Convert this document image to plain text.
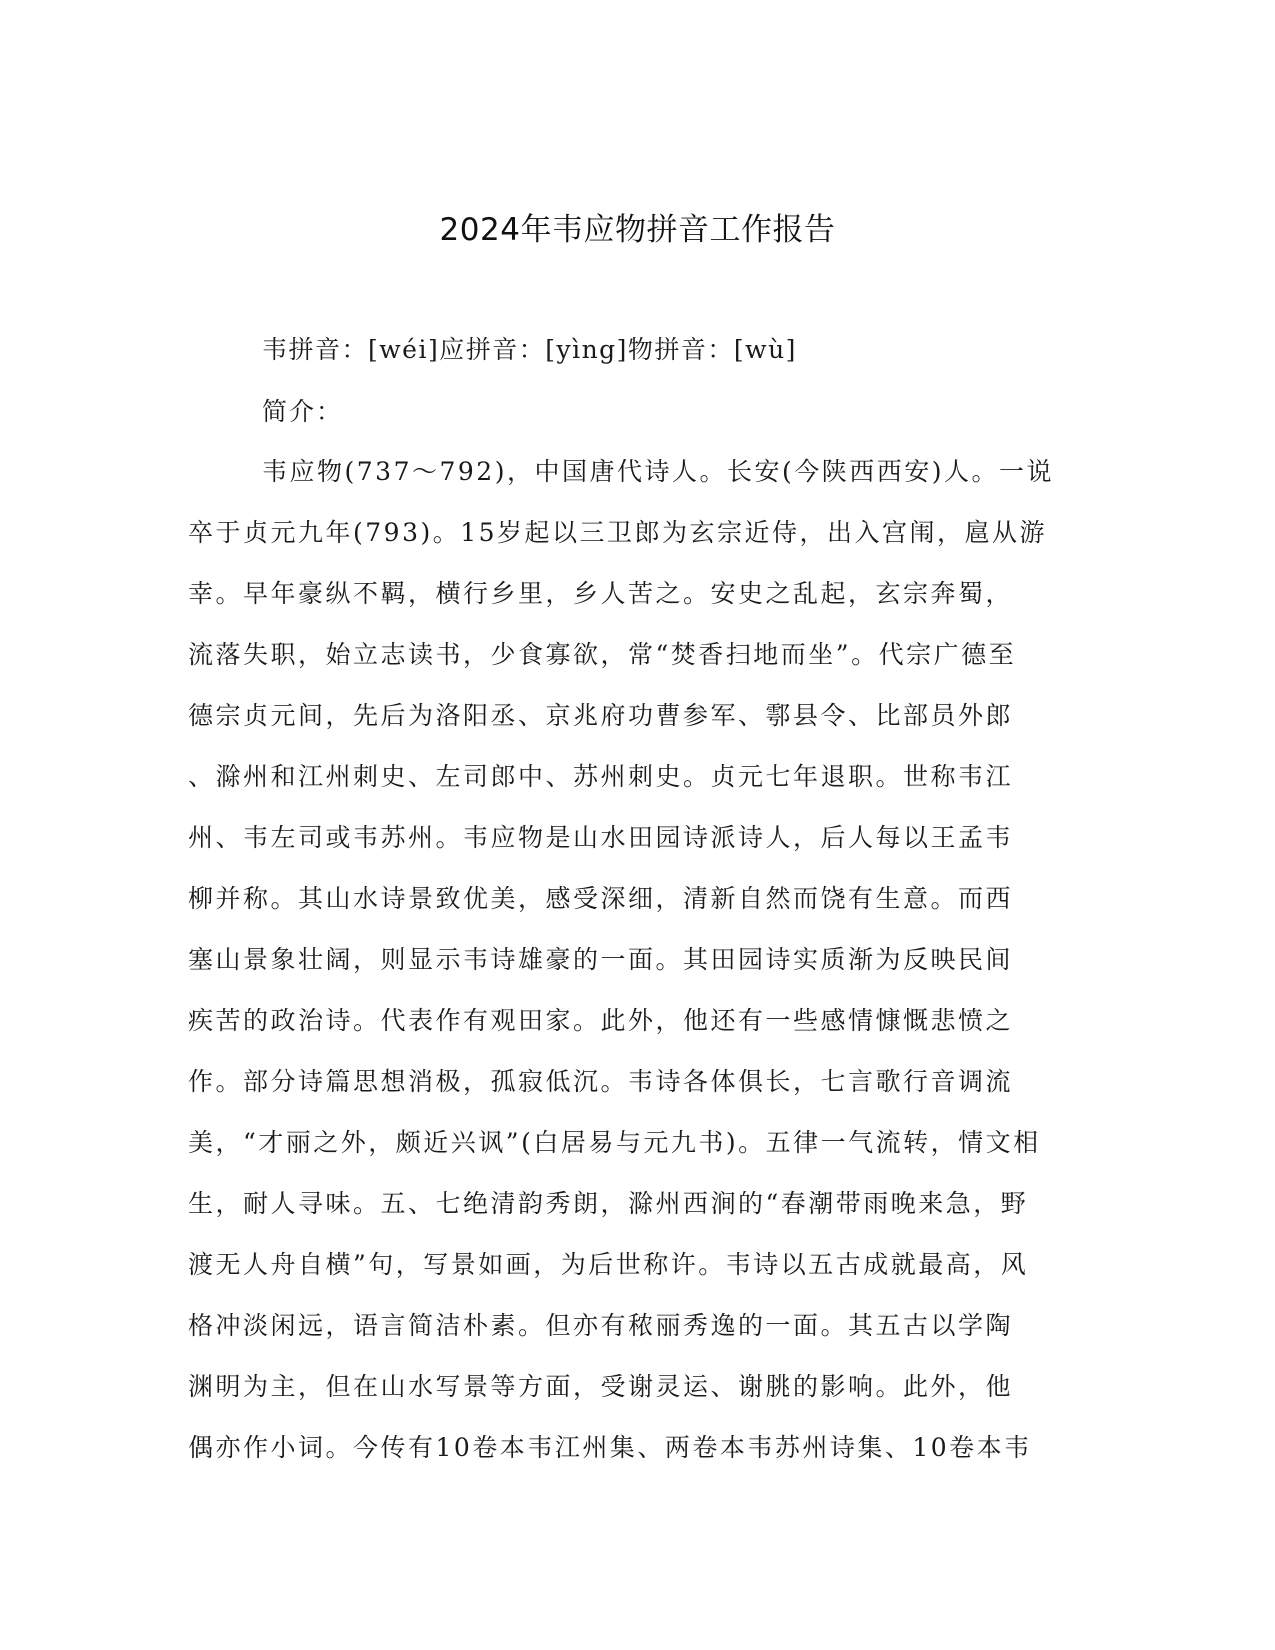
2024年韦应物拼音工作报告
韦拼音：[wéi]应拼音：[yìng]物拼音：[wù]
简介：
韦应物(737～792)，中国唐代诗人。长安(今陕西西安)人。一说
卒于贞元九年(793)。15岁起以三卫郎为玄宗近侍，出入宫闱，扈从游
幸。早年豪纵不羁，横行乡里，乡人苦之。安史之乱起，玄宗奔蜀，
流落失职，始立志读书，少食寡欲，常“焚香扫地而坐”。代宗广德至
德宗贞元间，先后为洛阳丞、京兆府功曹参军、鄠县令、比部员外郎
、滁州和江州刺史、左司郎中、苏州刺史。贞元七年退职。世称韦江
州、韦左司或韦苏州。韦应物是山水田园诗派诗人，后人每以王孟韦
柳并称。其山水诗景致优美，感受深细，清新自然而饶有生意。而西
塞山景象壮阔，则显示韦诗雄豪的一面。其田园诗实质渐为反映民间
疾苦的政治诗。代表作有观田家。此外，他还有一些感情慷慨悲愤之
作。部分诗篇思想消极，孤寂低沉。韦诗各体俱长，七言歌行音调流
美，“才丽之外，颇近兴讽”(白居易与元九书)。五律一气流转，情文相
生，耐人寻味。五、七绝清韵秀朗，滁州西涧的“春潮带雨晚来急，野
渡无人舟自横”句，写景如画，为后世称许。韦诗以五古成就最高，风
格冲淡闲远，语言简洁朴素。但亦有秾丽秀逸的一面。其五古以学陶
渊明为主，但在山水写景等方面，受谢灵运、谢朓的影响。此外，他
偶亦作小词。今传有10卷本韦江州集、两卷本韦苏州诗集、10卷本韦
